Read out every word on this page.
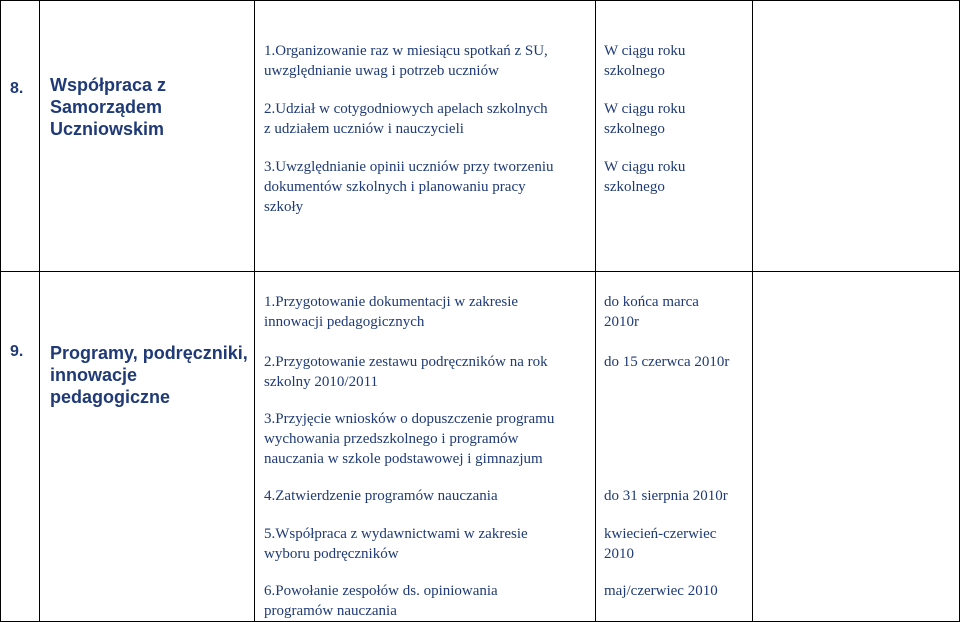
8. Współpraca z
Samorządem
Uczniowskim
1.Organizowanie raz w miesiącu spotkań z SU,
uwzględnianie uwag i potrzeb uczniów
2.Udział w cotygodniowych apelach szkolnych
z udziałem uczniów i nauczycieli
3.Uwzględnianie opinii uczniów przy tworzeniu
dokumentów szkolnych i planowaniu pracy
szkoły
W ciągu roku
szkolnego
W ciągu roku
szkolnego
W ciągu roku
szkolnego
9. Programy, podręczniki,
innowacje
pedagogiczne
1.Przygotowanie dokumentacji w zakresie
innowacji pedagogicznych
2.Przygotowanie zestawu podręczników na rok
szkolny 2010/2011
3.Przyjęcie wniosków o dopuszczenie programu
wychowania przedszkolnego i programów
nauczania w szkole podstawowej i gimnazjum
4.Zatwierdzenie programów nauczania
5.Współpraca z wydawnictwami w zakresie
wyboru podręczników
6.Powołanie zespołów ds. opiniowania
programów nauczania
do końca marca
2010r
do 15 czerwca 2010r
do 31 sierpnia 2010r
kwiecień-czerwiec
2010
maj/czerwiec 2010
